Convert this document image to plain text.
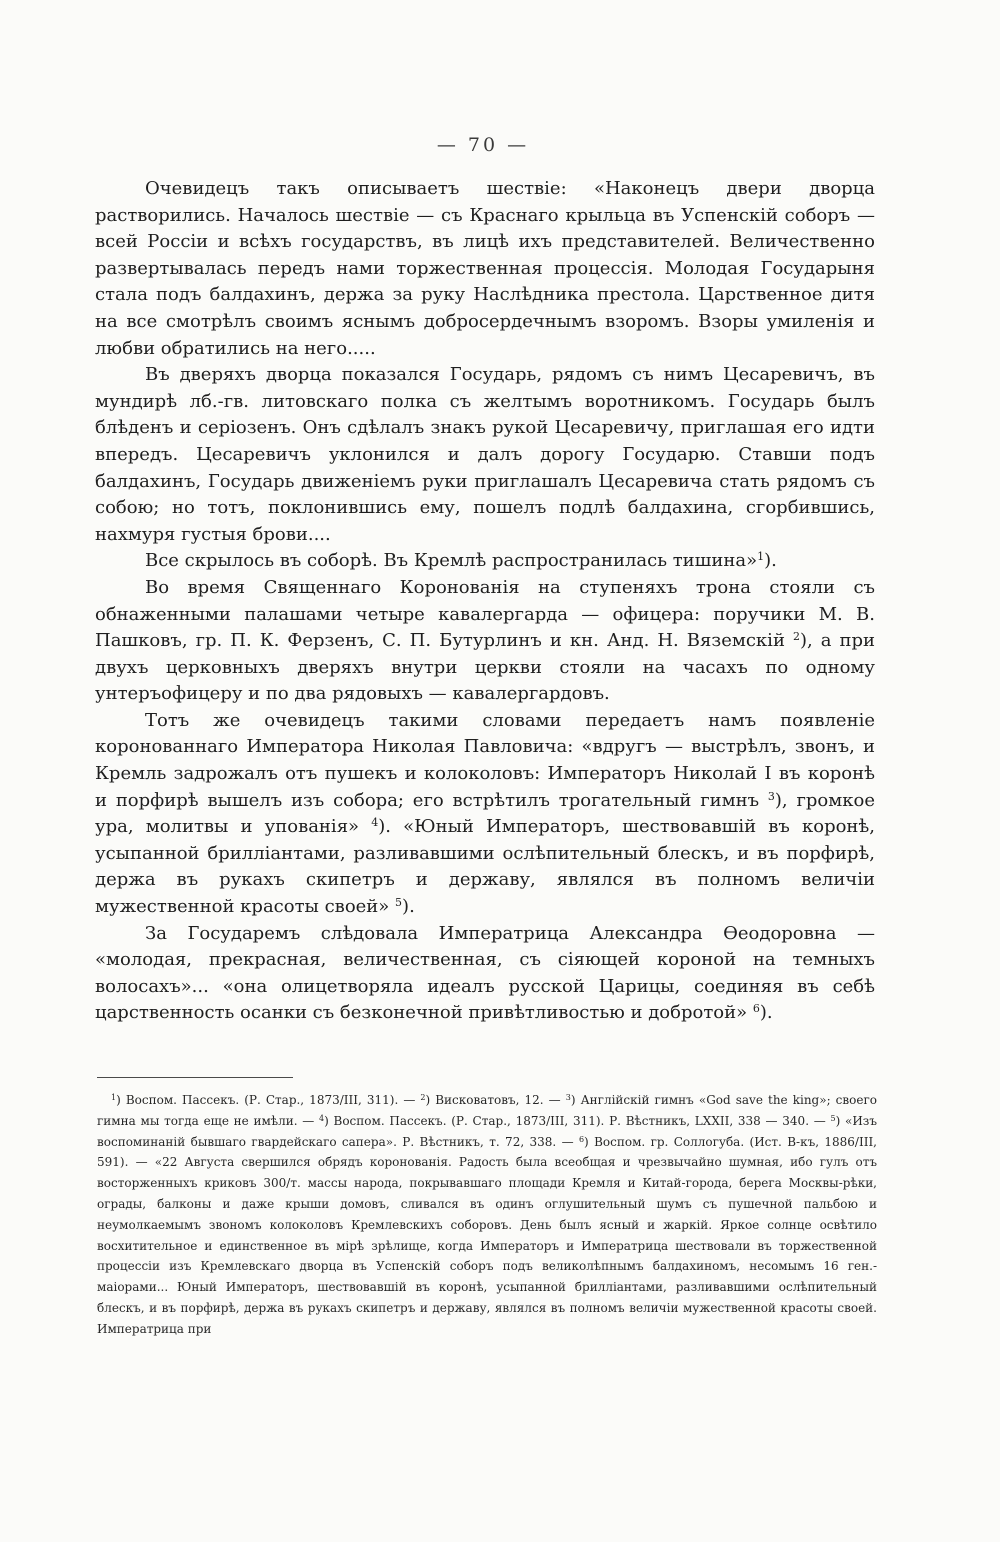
— 70 —

Очевидецъ такъ описываетъ шествіе: «Наконецъ двери дворца растворились. Началось шествіе — съ Краснаго крыльца въ Успенскій соборъ — всей Россіи и всѣхъ государствъ, въ лицѣ ихъ представителей. Величественно развертывалась передъ нами торжественная процессія. Молодая Государыня стала подъ балдахинъ, держа за руку Наслѣдника престола. Царственное дитя на все смотрѣлъ своимъ яснымъ добросердечнымъ взоромъ. Взоры умиленія и любви обратились на него.....

Въ дверяхъ дворца показался Государь, рядомъ съ нимъ Цесаревичъ, въ мундирѣ лб.-гв. литовскаго полка съ желтымъ воротникомъ. Государь былъ блѣденъ и серіозенъ. Онъ сдѣлалъ знакъ рукой Цесаревичу, приглашая его идти впередъ. Цесаревичъ уклонился и далъ дорогу Государю. Ставши подъ балдахинъ, Государь движеніемъ руки приглашалъ Цесаревича стать рядомъ съ собою; но тотъ, поклонившись ему, пошелъ подлѣ балдахина, сгорбившись, нахмуря густыя брови....

Все скрылось въ соборѣ. Въ Кремлѣ распространилась тишина»$^1$).

Во время Священнаго Коронованія на ступеняхъ трона стояли съ обнаженными палашами четыре кавалергарда — офицера: поручики М. В. Пашковъ, гр. П. К. Ферзенъ, С. П. Бутурлинъ и кн. Анд. Н. Вяземскій $^2$), а при двухъ церковныхъ дверяхъ внутри церкви стояли на часахъ по одному унтеръофицеру и по два рядовыхъ — кавалергардовъ.

Тотъ же очевидецъ такими словами передаетъ намъ появленіе коронованнаго Императора Николая Павловича: «вдругъ — выстрѣлъ, звонъ, и Кремль задрожалъ отъ пушекъ и колоколовъ: Императоръ Николай I въ коронѣ и порфирѣ вышелъ изъ собора; его встрѣтилъ трогательный гимнъ $^3$), громкое ура, молитвы и упованія» $^4$). «Юный Императоръ, шествовавшій въ коронѣ, усыпанной бриллiантами, разливавшими ослѣпительный блескъ, и въ порфирѣ, держа въ рукахъ скипетръ и державу, являлся въ полномъ величіи мужественной красоты своей» $^5$).

За Государемъ слѣдовала Императрица Александра Өеодоровна — «молодая, прекрасная, величественная, съ сіяющей короной на темныхъ волосахъ»... «она олицетворяла идеалъ русской Царицы, соединяя въ себѣ царственность осанки съ безконечной привѣтливостью и добротой» $^6$).

$^1$) Воспом. Пассекъ. (Р. Стар., 1873/III, 311). — $^2$) Висковатовъ, 12. — $^3$) Англійскій гимнъ «God save the king»; своего гимна мы тогда еще не имѣли. — $^4$) Воспом. Пассекъ. (Р. Стар., 1873/III, 311). Р. Вѣстникъ, LXXII, 338 — 340. — $^5$) «Изъ воспоминаній бывшаго гвардейскаго сапера». Р. Вѣстникъ, т. 72, 338. — $^6$) Воспом. гр. Соллогуба. (Ист. В-къ, 1886/III, 591). — «22 Августа свершился обрядъ коронованія. Радость была всеобщая и чрезвычайно шумная, ибо гулъ отъ восторженныхъ криковъ 300/т. массы народа, покрывавшаго площади Кремля и Китай-города, берега Москвы-рѣки, ограды, балконы и даже крыши домовъ, сливался въ одинъ оглушительный шумъ съ пушечной пальбою и неумолкаемымъ звономъ колоколовъ Кремлевскихъ соборовъ. День былъ ясный и жаркій. Яркое солнце освѣтило восхитительное и единственное въ мірѣ зрѣлище, когда Императоръ и Императрица шествовали въ торжественной процессіи изъ Кремлевскаго дворца въ Успенскій соборъ подъ великолѣпнымъ балдахиномъ, несомымъ 16 ген.-маіорами... Юный Императоръ, шествовавшій въ коронѣ, усыпанной бриллiантами, разливавшими ослѣпительный блескъ, и въ порфирѣ, держа въ рукахъ скипетръ и державу, являлся въ полномъ величіи мужественной красоты своей. Императрица при
